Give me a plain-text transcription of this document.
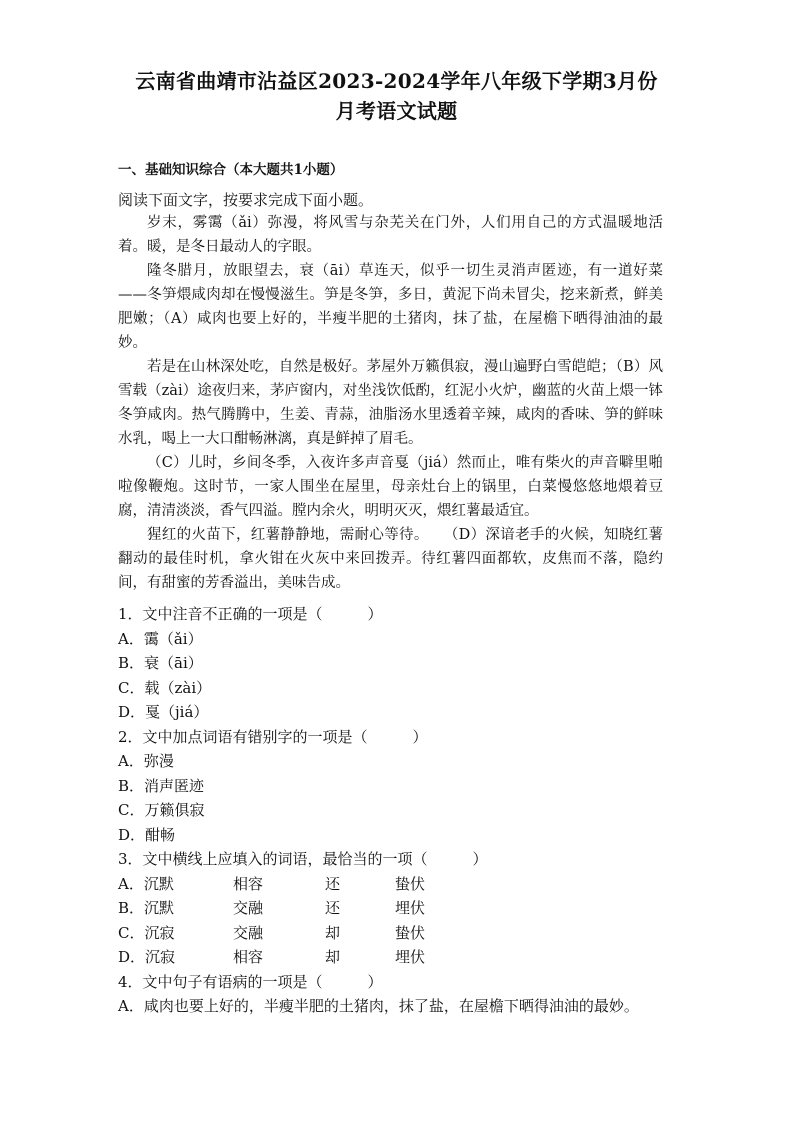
云南省曲靖市沾益区2023-2024学年八年级下学期3月份
月考语文试题
一、基础知识综合（本大题共1小题）
阅读下面文字，按要求完成下面小题。

岁末，雾霭（ǎi）弥漫，将风雪与杂芜关在门外，人们用自己的方式温暖地活着。暖，是冬日最动人的字眼。

隆冬腊月，放眼望去，衰（āi）草连天，似乎一切生灵消声匿迹，有一道好菜——冬笋煨咸肉却在慢慢滋生。笋是冬笋，多日，黄泥下尚未冒尖，挖来新煮，鲜美肥嫩；（A）咸肉也要上好的，半瘦半肥的土猪肉，抹了盐，在屋檐下晒得油油的最妙。

若是在山林深处吃，自然是极好。茅屋外万籁俱寂，漫山遍野白雪皑皑；（B）风雪载（zài）途夜归来，茅庐窗内，对坐浅饮低酌，红泥小火炉，幽蓝的火苗上煨一钵冬笋咸肉。热气腾腾中，生姜、青蒜，油脂汤水里透着辛辣，咸肉的香味、笋的鲜味水乳，喝上一大口酣畅淋漓，真是鲜掉了眉毛。

（C）儿时，乡间冬季，入夜许多声音戛（jiá）然而止，唯有柴火的声音噼里啪啦像鞭炮。这时节，一家人围坐在屋里，母亲灶台上的锅里，白菜慢悠悠地煨着豆腐，清清淡淡，香气四溢。膛内余火，明明灭灭，煨红薯最适宜。

猩红的火苗下，红薯静静地，需耐心等待。　　（D）深谙老手的火候，知晓红薯翻动的最佳时机，拿火钳在火灰中来回拨弄。待红薯四面都软，皮焦而不落，隐约间，有甜蜜的芳香溢出，美味告成。

1．文中注音不正确的一项是（　　　）
A．霭（ǎi）
B．衰（āi）
C．载（zài）
D．戛（jiá）
2．文中加点词语有错别字的一项是（　　　）
A．弥漫
B．消声匿迹
C．万籁俱寂
D．酣畅
3．文中横线上应填入的词语，最恰当的一项（　　　）
A．沉默	相容	还	蛰伏
B．沉默	交融	还	埋伏
C．沉寂	交融	却	蛰伏
D．沉寂	相容	却	埋伏
4．文中句子有语病的一项是（　　　）
A．咸肉也要上好的，半瘦半肥的土猪肉，抹了盐，在屋檐下晒得油油的最妙。
